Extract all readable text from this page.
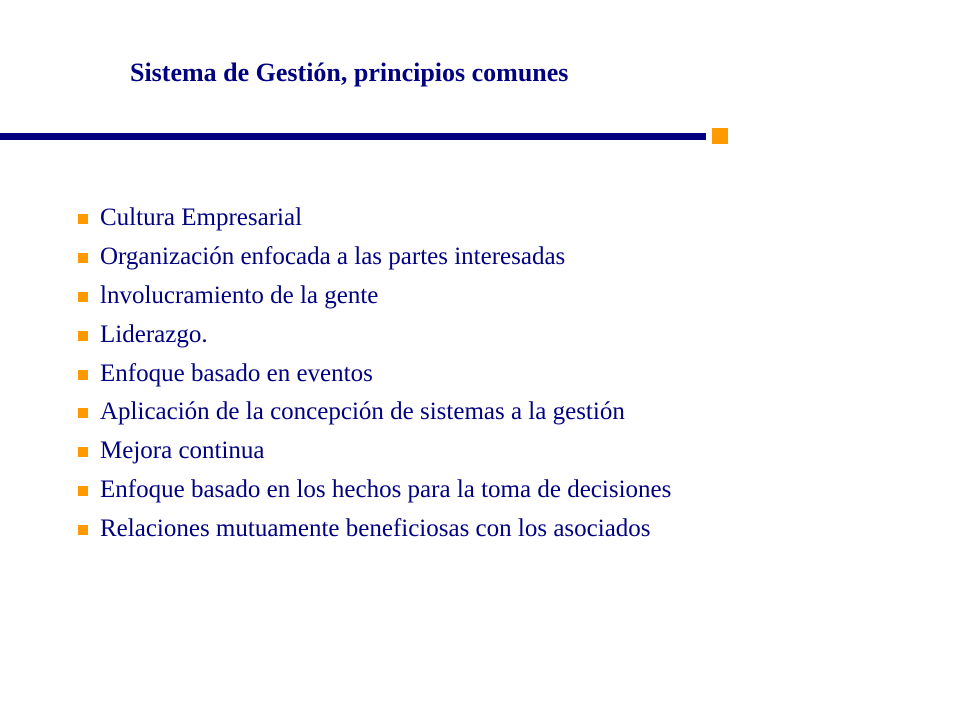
Sistema de Gestión, principios comunes
Cultura Empresarial
Organización enfocada a las partes interesadas
lnvolucramiento de la gente
Liderazgo.
Enfoque basado en eventos
Aplicación de la concepción de sistemas a la gestión
Mejora continua
Enfoque basado en los hechos para la toma de decisiones
Relaciones mutuamente beneficiosas con los asociados
